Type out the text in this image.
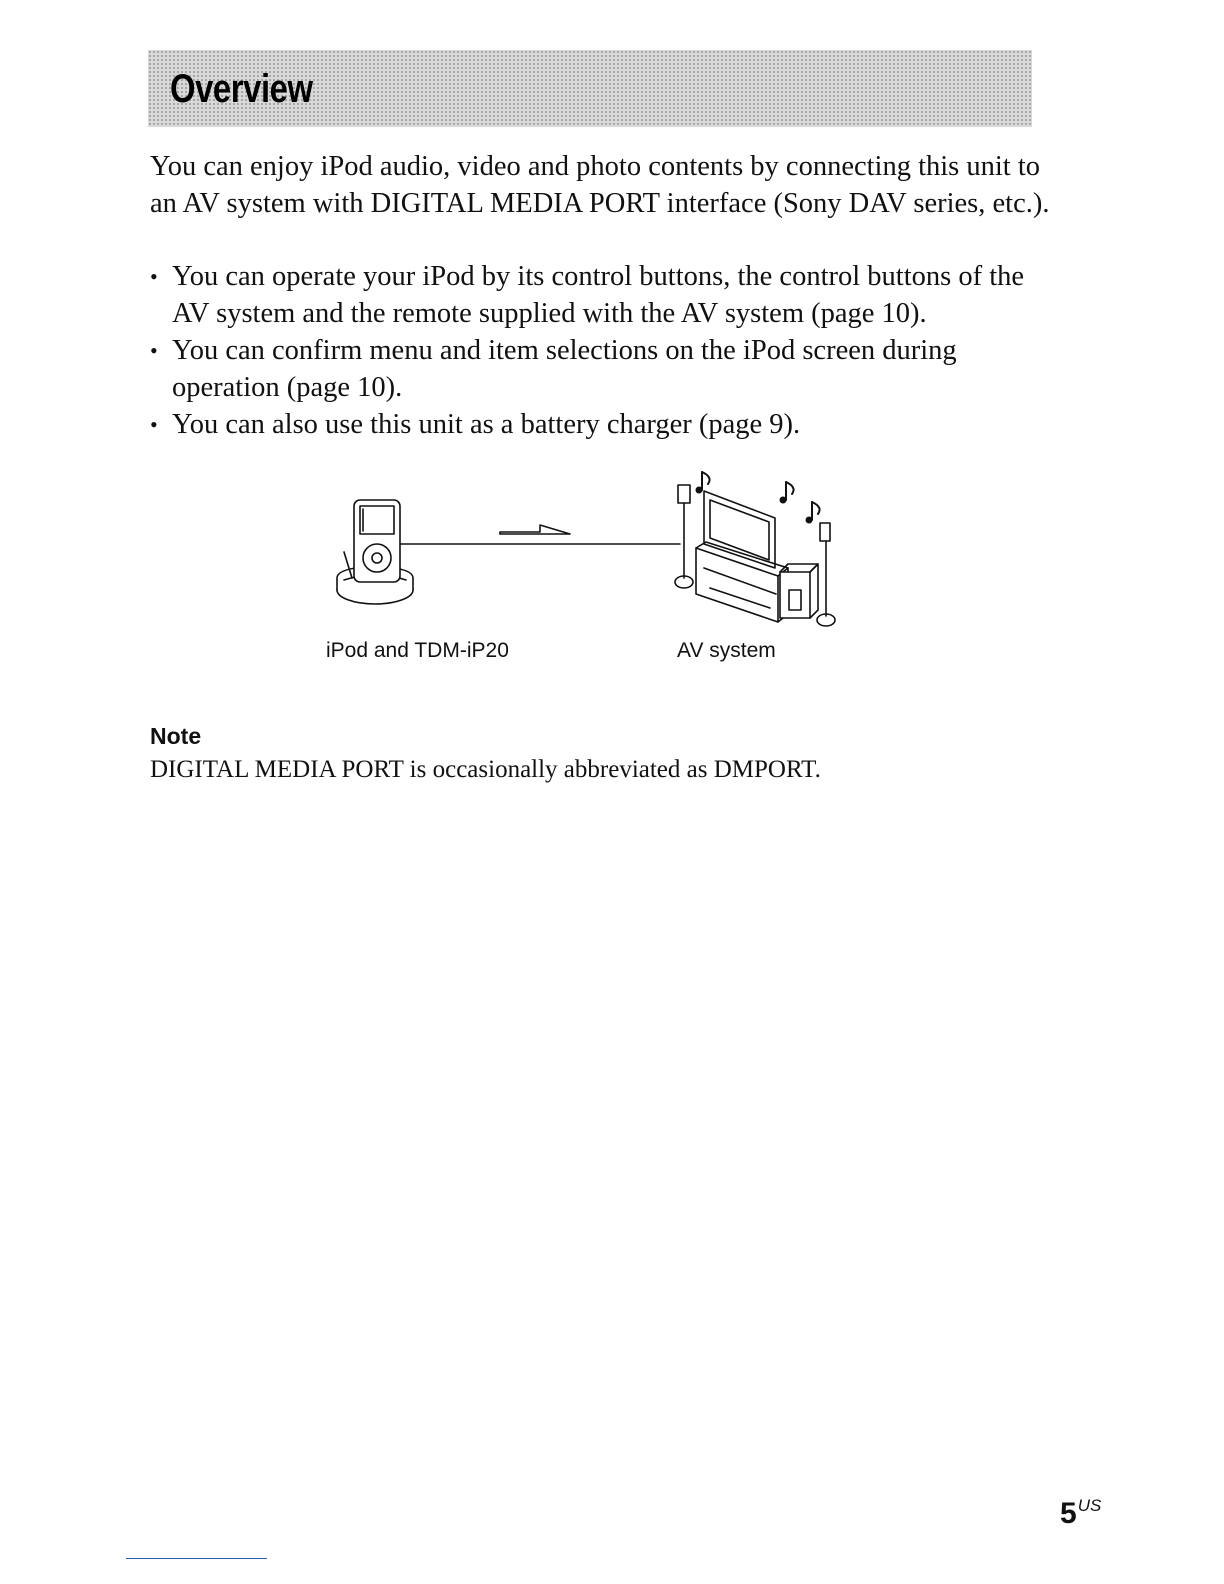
Overview

You can enjoy iPod audio, video and photo contents by connecting this unit to an AV system with DIGITAL MEDIA PORT interface (Sony DAV series, etc.).

• You can operate your iPod by its control buttons, the control buttons of the AV system and the remote supplied with the AV system (page 10).
• You can confirm menu and item selections on the iPod screen during operation (page 10).
• You can also use this unit as a battery charger (page 9).
iPod and TDM-iP20	AV system
Note

DIGITAL MEDIA PORT is occasionally abbreviated as DMPORT.

$5^{US}$
